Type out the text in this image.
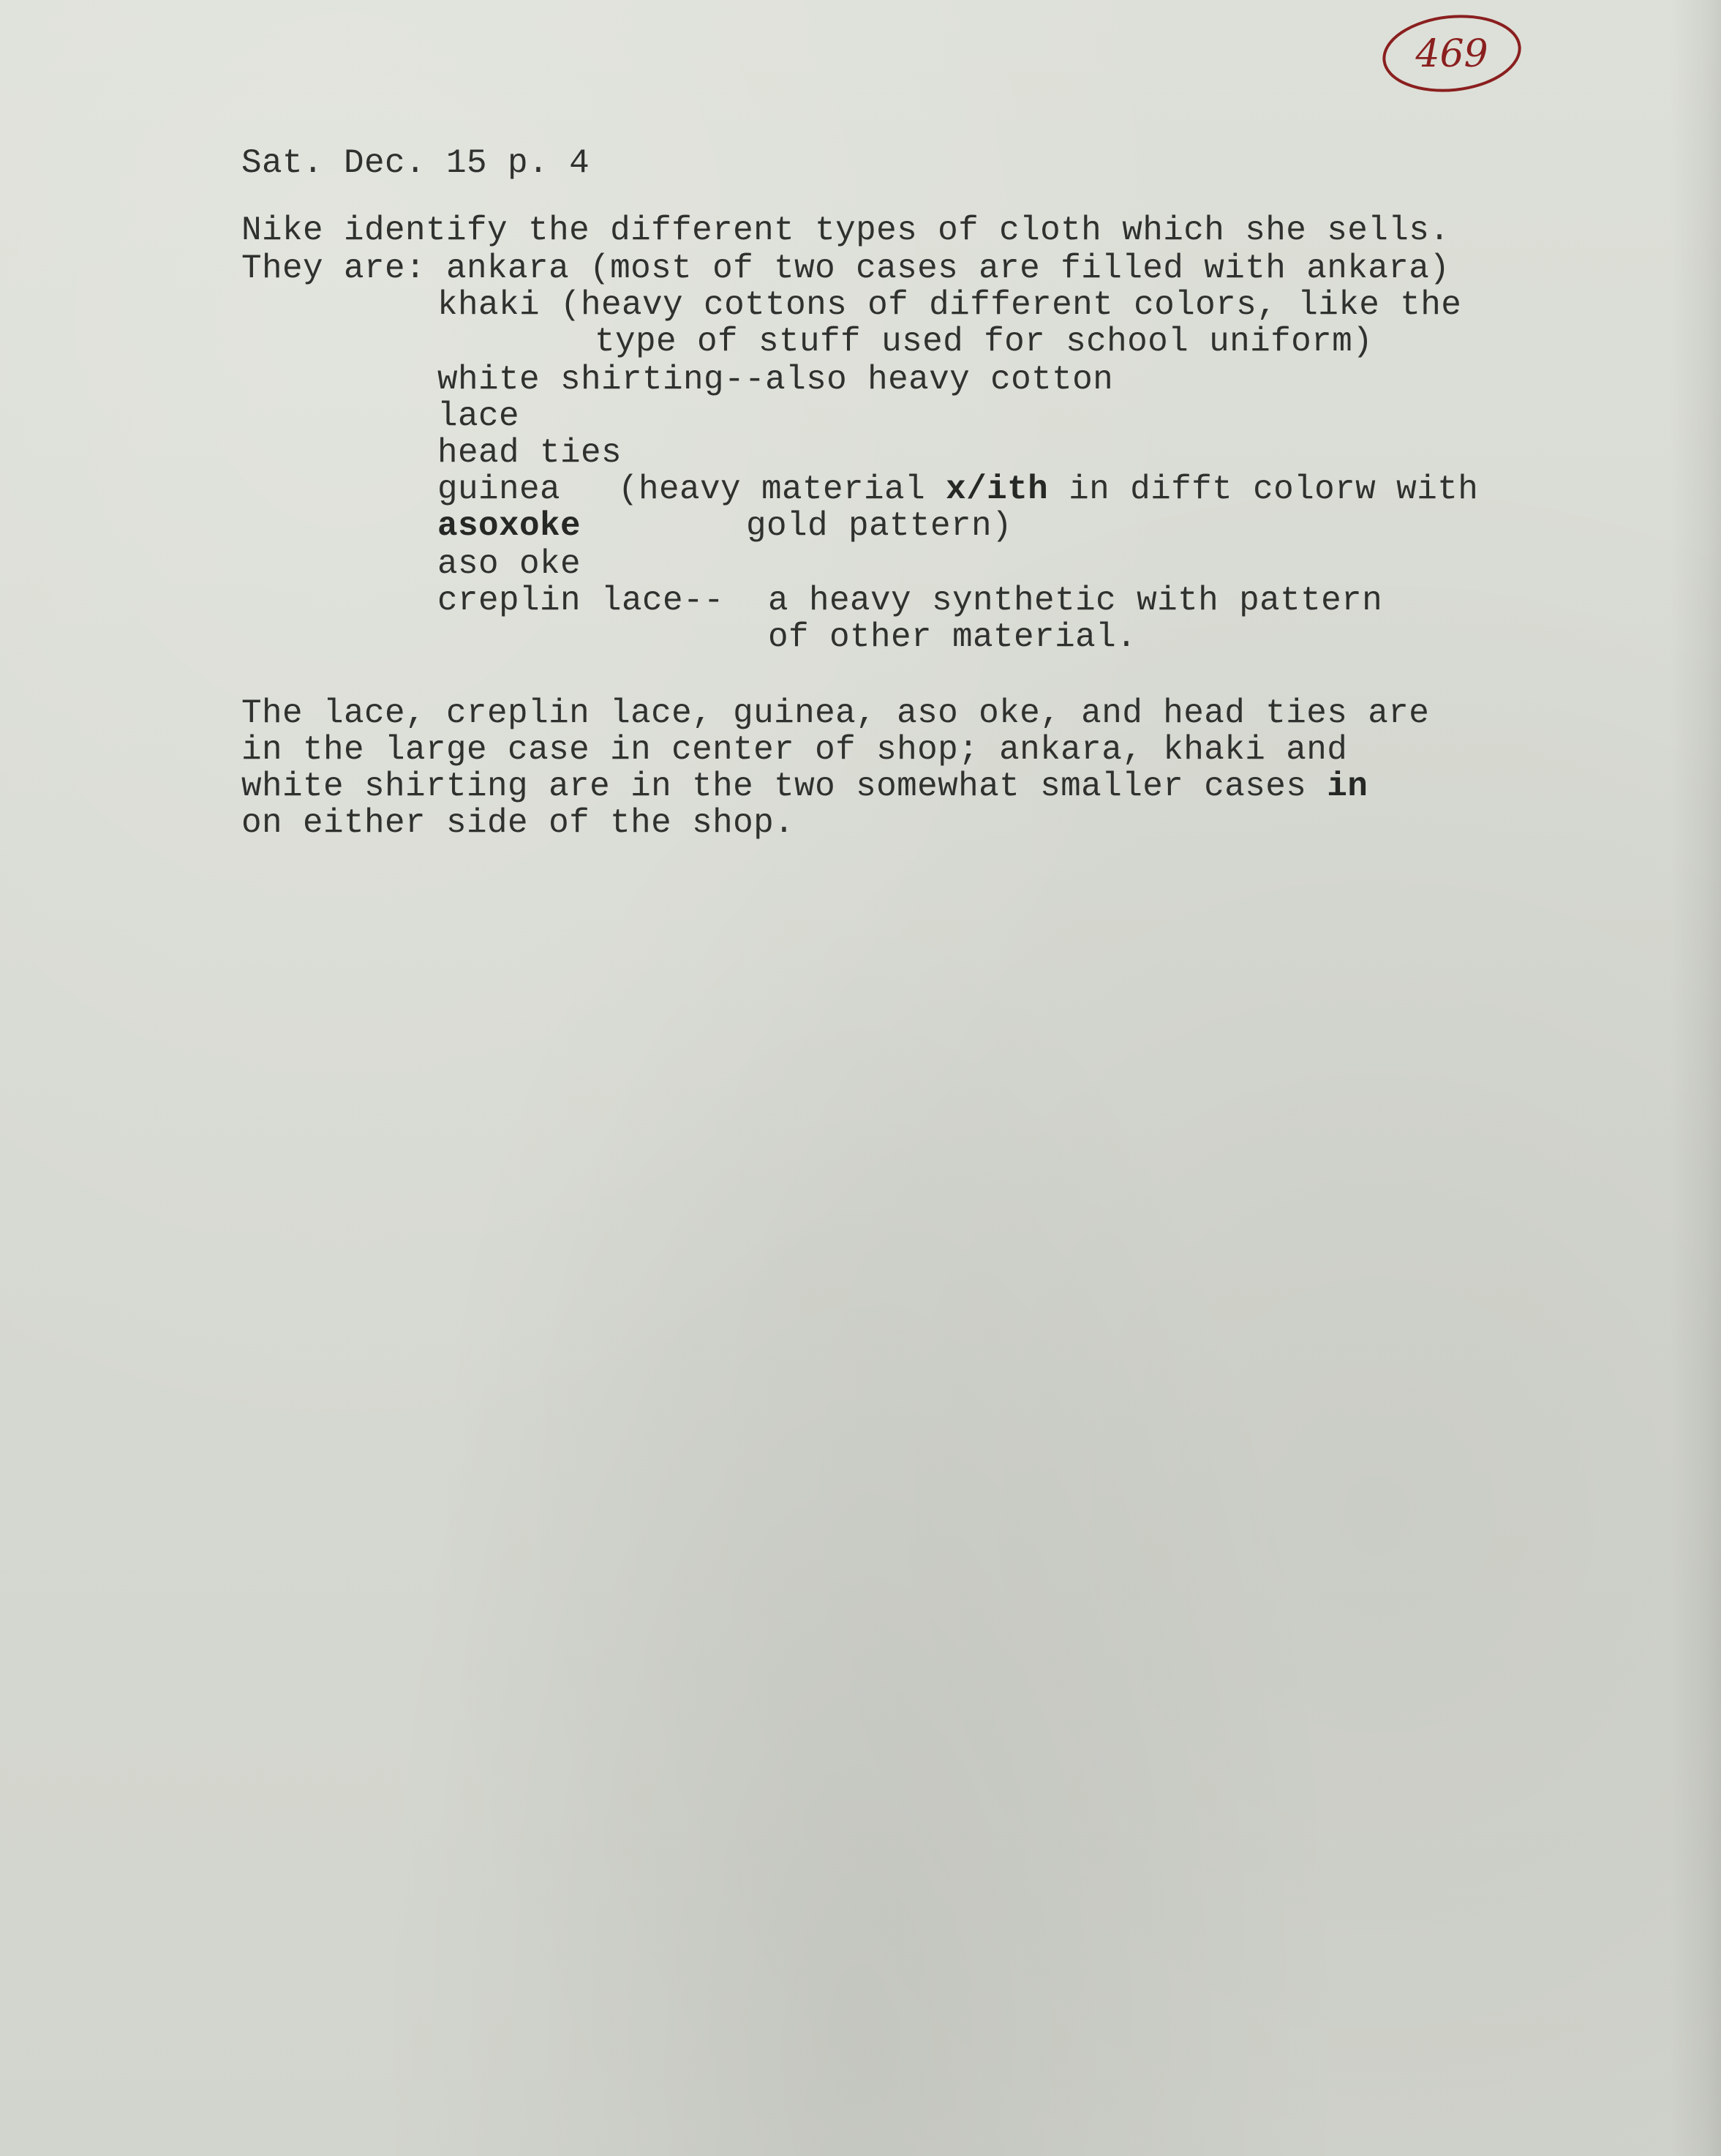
469

Sat. Dec. 15 p. 4

Nike identify the different types of cloth which she sells.

They are: ankara (most of two cases are filled with ankara)

khaki (heavy cottons of different colors, like the

type of stuff used for school uniform)

white shirting--also heavy cotton

lace

head ties

guinea (heavy material x/ith in difft colorw with

asoxoke	gold pattern)

aso oke

creplin lace-- a heavy synthetic with pattern

of other material.

The lace, creplin lace, guinea, aso oke, and head ties are

in the large case in center of shop; ankara, khaki and

white shirting are in the two somewhat smaller cases in

on either side of the shop.
